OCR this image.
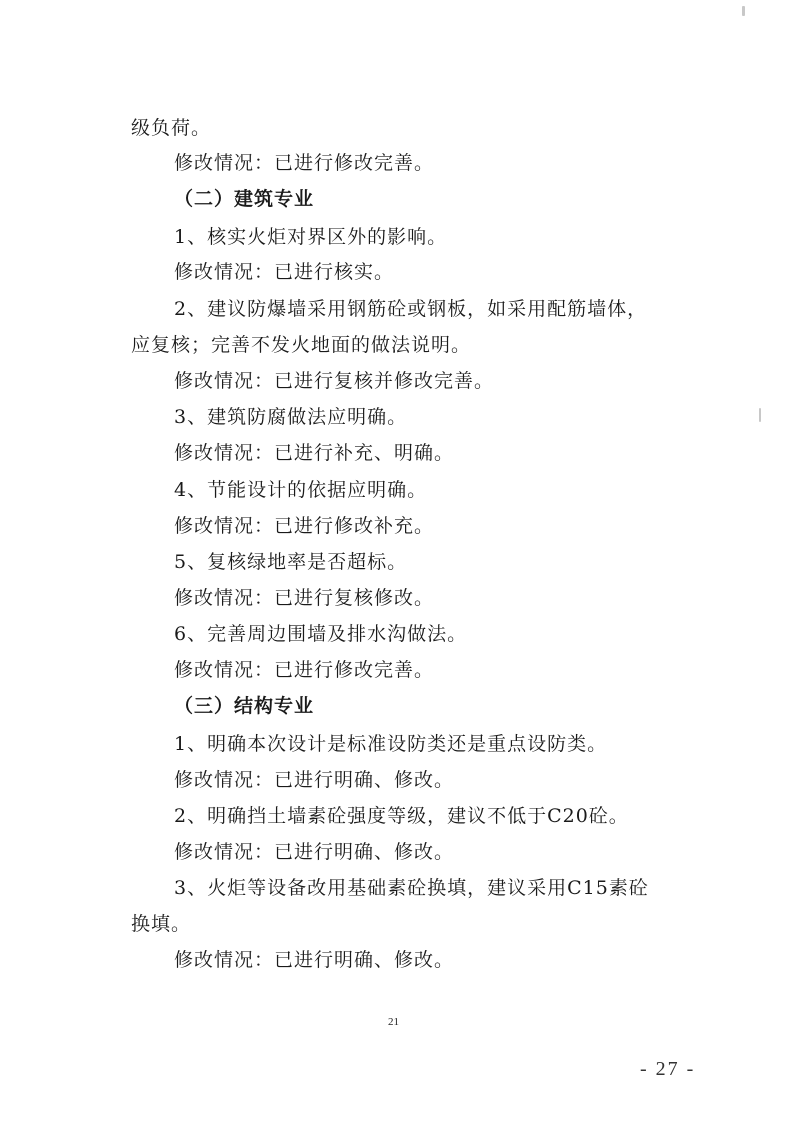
级负荷。
修改情况：已进行修改完善。
（二）建筑专业
1、核实火炬对界区外的影响。
修改情况：已进行核实。
2、建议防爆墙采用钢筋砼或钢板，如采用配筋墙体，
应复核；完善不发火地面的做法说明。
修改情况：已进行复核并修改完善。
3、建筑防腐做法应明确。
修改情况：已进行补充、明确。
4、节能设计的依据应明确。
修改情况：已进行修改补充。
5、复核绿地率是否超标。
修改情况：已进行复核修改。
6、完善周边围墙及排水沟做法。
修改情况：已进行修改完善。
（三）结构专业
1、明确本次设计是标准设防类还是重点设防类。
修改情况：已进行明确、修改。
2、明确挡土墙素砼强度等级，建议不低于C20砼。
修改情况：已进行明确、修改。
3、火炬等设备改用基础素砼换填，建议采用C15素砼
换填。
修改情况：已进行明确、修改。
21
- 27 -
